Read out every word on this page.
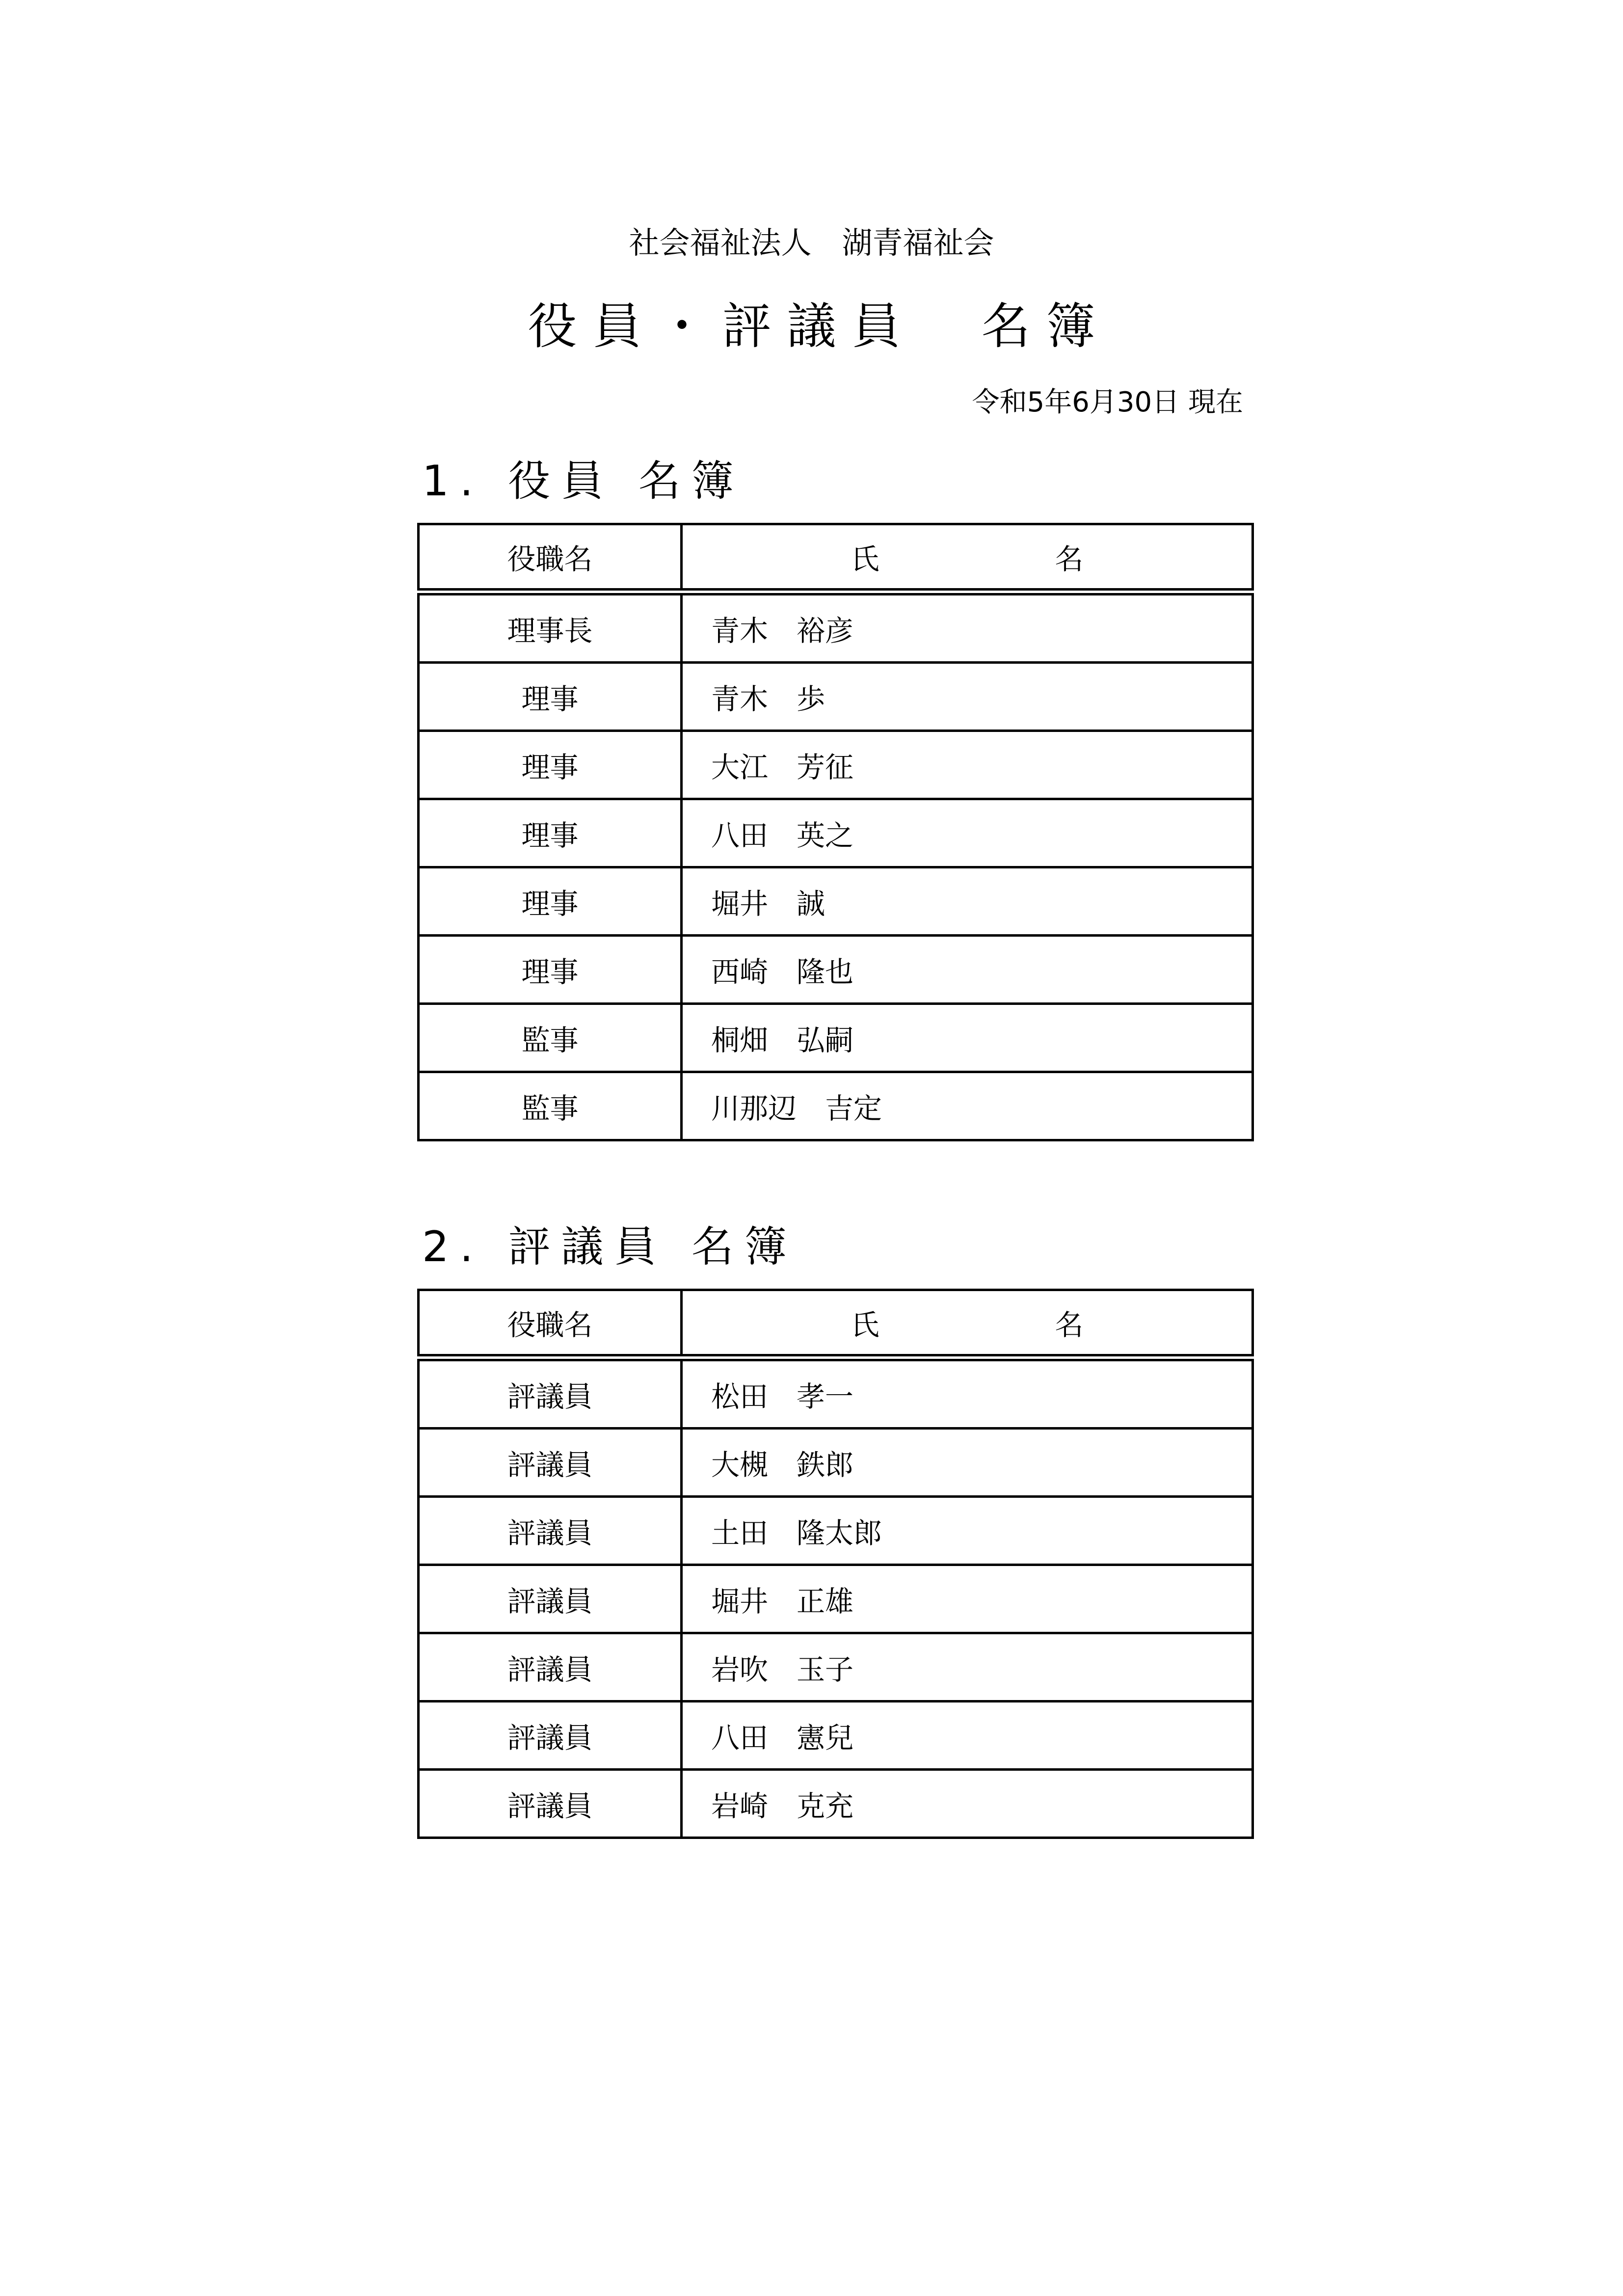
社会福祉法人　湖青福祉会
役員・評議員　名簿
令和5年6月30日 現在
1. 役員 名簿
役職名	氏　名
理事長	青木　裕彦
理事	青木　歩
理事	大江　芳征
理事	八田　英之
理事	堀井　誠
理事	西崎　隆也
監事	桐畑　弘嗣
監事	川那辺　吉定
2. 評議員 名簿
役職名	氏　名
評議員	松田　孝一
評議員	大槻　鉄郎
評議員	土田　隆太郎
評議員	堀井　正雄
評議員	岩吹　玉子
評議員	八田　憲兒
評議員	岩崎　克充
